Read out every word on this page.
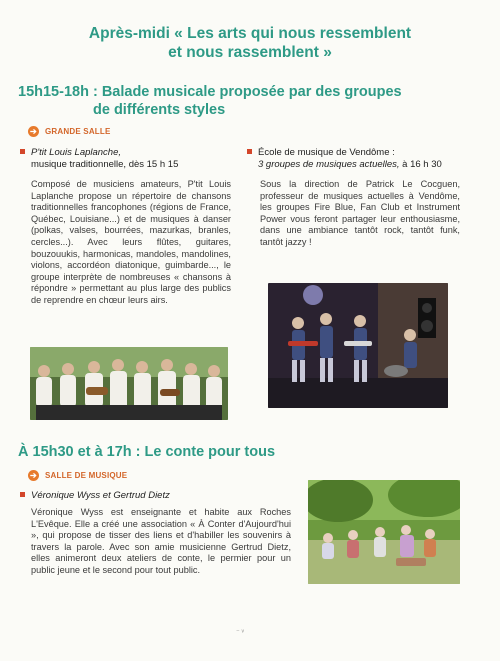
Après-midi « Les arts qui nous ressemblent
et nous rassemblent »
15h15-18h : Balade musicale proposée par des groupes
de différents styles
➔ GRANDE SALLE
P'tit Louis Laplanche,
musique traditionnelle, dès 15 h 15
Composé de musiciens amateurs, P'tit Louis Laplanche propose un répertoire de chansons traditionnelles francophones (régions de France, Québec, Louisiane...) et de musiques à danser (polkas, valses, bourrées, mazurkas, branles, cercles...). Avec leurs flûtes, guitares, bouzouukis, harmonicas, mandoles, mandolines, violons, accordéon diatonique, guimbarde..., le groupe interprète de nombreuses « chansons à répondre » permettant au plus large des publics de reprendre en chœur leurs airs.
École de musique de Vendôme :
3 groupes de musiques actuelles, à 16 h 30
Sous la direction de Patrick Le Cocguen, professeur de musiques actuelles à Vendôme, les groupes Fire Blue, Fan Club et Instrument Power vous feront partager leur enthousiasme, dans une ambiance tantôt rock, tantôt funk, tantôt jazzy !
À 15h30 et à 17h : Le conte pour tous
➔ SALLE DE MUSIQUE
Véronique Wyss et Gertrud Dietz
Véronique Wyss est enseignante et habite aux Roches L'Evêque. Elle a créé une association « À Conter d'Aujourd'hui », qui propose de tisser des liens et d'habiller les souvenirs à travers la parole. Avec son amie musicienne Gertrud Dietz, elles animeront deux ateliers de conte, le permier pour un public jeune et le second pour tout public.
⁻ ᵛ
